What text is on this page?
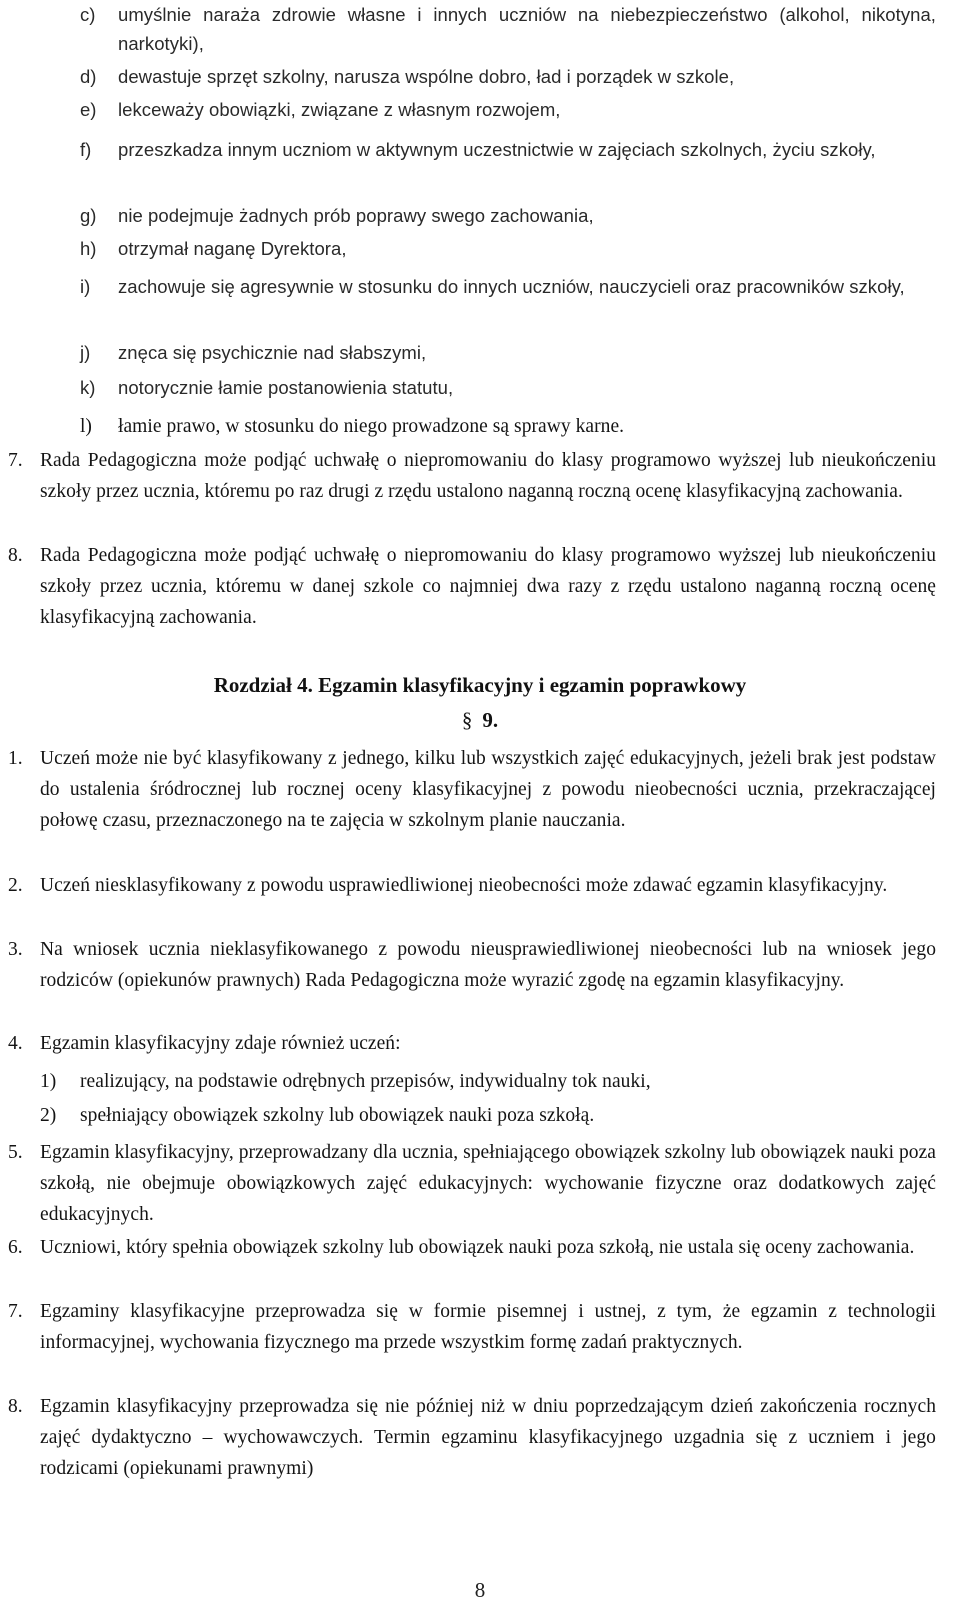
c) umyślnie naraża zdrowie własne i innych uczniów na niebezpieczeństwo (alkohol, nikotyna, narkotyki),
d) dewastuje sprzęt szkolny, narusza wspólne dobro, ład i porządek w szkole,
e) lekceważy obowiązki, związane z własnym rozwojem,
f) przeszkadza innym uczniom w aktywnym uczestnictwie w zajęciach szkolnych, życiu szkoły,
g) nie podejmuje żadnych prób poprawy swego zachowania,
h) otrzymał naganę Dyrektora,
i) zachowuje się agresywnie w stosunku do innych uczniów, nauczycieli oraz pracowników szkoły,
j) znęca się psychicznie nad słabszymi,
k) notorycznie łamie postanowienia statutu,
l) łamie prawo, w stosunku do niego prowadzone są sprawy karne.
7. Rada Pedagogiczna może podjąć uchwałę o niepromowaniu do klasy programowo wyższej lub nieukończeniu szkoły przez ucznia, któremu po raz drugi z rzędu ustalono naganną roczną ocenę klasyfikacyjną zachowania.
8. Rada Pedagogiczna może podjąć uchwałę o niepromowaniu do klasy programowo wyższej lub nieukończeniu szkoły przez ucznia, któremu w danej szkole co najmniej dwa razy z rzędu ustalono naganną roczną ocenę klasyfikacyjną zachowania.
Rozdział 4. Egzamin klasyfikacyjny i egzamin poprawkowy
§ 9.
1. Uczeń może nie być klasyfikowany z jednego, kilku lub wszystkich zajęć edukacyjnych, jeżeli brak jest podstaw do ustalenia śródrocznej lub rocznej oceny klasyfikacyjnej z powodu nieobecności ucznia, przekraczającej połowę czasu, przeznaczonego na te zajęcia w szkolnym planie nauczania.
2. Uczeń niesklasyfikowany z powodu usprawiedliwionej nieobecności może zdawać egzamin klasyfikacyjny.
3. Na wniosek ucznia nieklasyfikowanego z powodu nieusprawiedliwionej nieobecności lub na wniosek jego rodziców (opiekunów prawnych) Rada Pedagogiczna może wyrazić zgodę na egzamin klasyfikacyjny.
4. Egzamin klasyfikacyjny zdaje również uczeń:
1) realizujący, na podstawie odrębnych przepisów, indywidualny tok nauki,
2) spełniający obowiązek szkolny lub obowiązek nauki poza szkołą.
5. Egzamin klasyfikacyjny, przeprowadzany dla ucznia, spełniającego obowiązek szkolny lub obowiązek nauki poza szkołą, nie obejmuje obowiązkowych zajęć edukacyjnych: wychowanie fizyczne oraz dodatkowych zajęć edukacyjnych.
6. Uczniowi, który spełnia obowiązek szkolny lub obowiązek nauki poza szkołą, nie ustala się oceny zachowania.
7. Egzaminy klasyfikacyjne przeprowadza się w formie pisemnej i ustnej, z tym, że egzamin z technologii informacyjnej, wychowania fizycznego ma przede wszystkim formę zadań praktycznych.
8. Egzamin klasyfikacyjny przeprowadza się nie później niż w dniu poprzedzającym dzień zakończenia rocznych zajęć dydaktyczno – wychowawczych. Termin egzaminu klasyfikacyjnego uzgadnia się z uczniem i jego rodzicami (opiekunami prawnymi)
8
